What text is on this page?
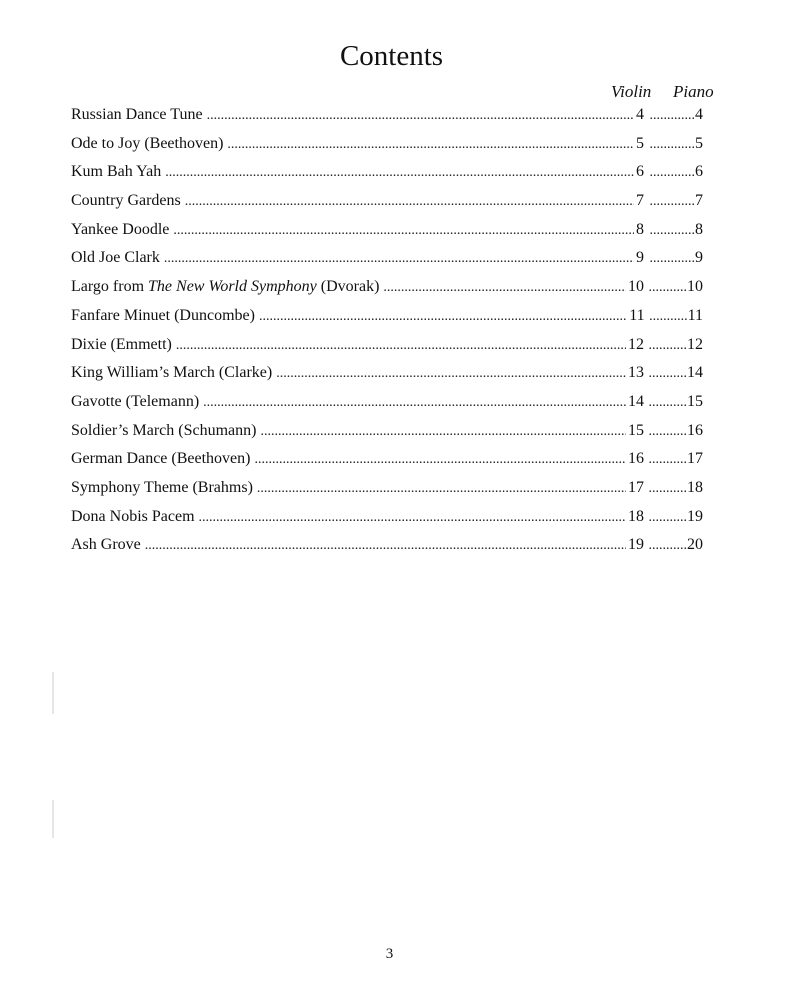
Contents
Violin Piano
Russian Dance Tune .....	4 .....	4
Ode to Joy (Beethoven) .....	5 .....	5
Kum Bah Yah .....	6 .....	6
Country Gardens .....	7 .....	7
Yankee Doodle .....	8 .....	8
Old Joe Clark .....	9 .....	9
Largo from The New World Symphony (Dvorak) .....	10 .....	10
Fanfare Minuet (Duncombe) .....	11 .....	11
Dixie (Emmett) .....	12 .....	12
King William’s March (Clarke) .....	13 .....	14
Gavotte (Telemann) .....	14 .....	15
Soldier’s March (Schumann) .....	15 .....	16
German Dance (Beethoven) .....	16 .....	17
Symphony Theme (Brahms) .....	17 .....	18
Dona Nobis Pacem .....	18 .....	19
Ash Grove .....	19 .....	20
3
